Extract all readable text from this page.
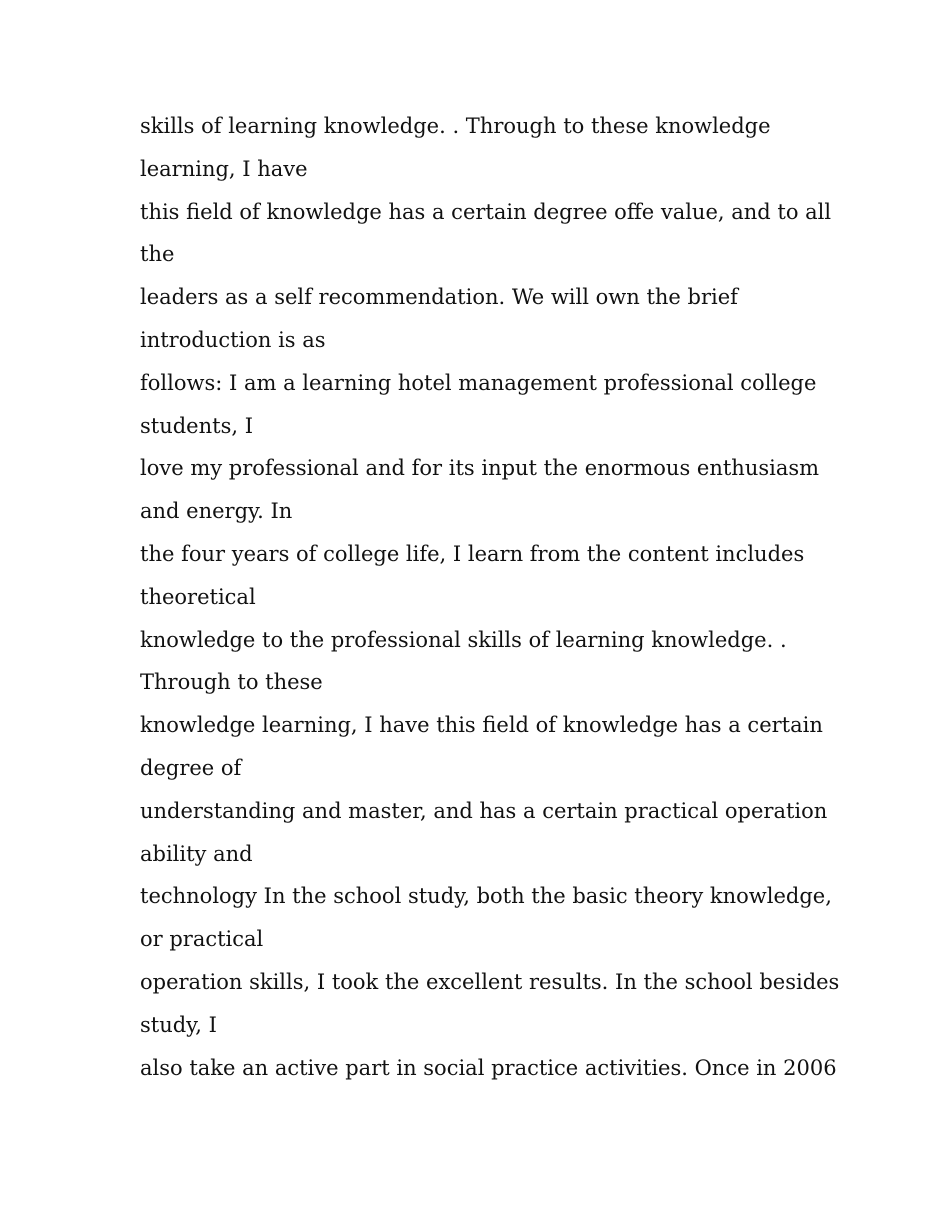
skills of learning knowledge. . Through to these knowledge
learning, I have
this field of knowledge has a certain degree offe value, and to all
the
leaders as a self recommendation. We will own the brief
introduction is as
follows: I am a learning hotel management professional college
students, I
love my professional and for its input the enormous enthusiasm
and energy. In
the four years of college life, I learn from the content includes
theoretical
knowledge to the professional skills of learning knowledge. .
Through to these
knowledge learning, I have this field of knowledge has a certain
degree of
understanding and master, and has a certain practical operation
ability and
technology In the school study, both the basic theory knowledge,
or practical
operation skills, I took the excellent results. In the school besides
study, I
also take an active part in social practice activities. Once in 2006
